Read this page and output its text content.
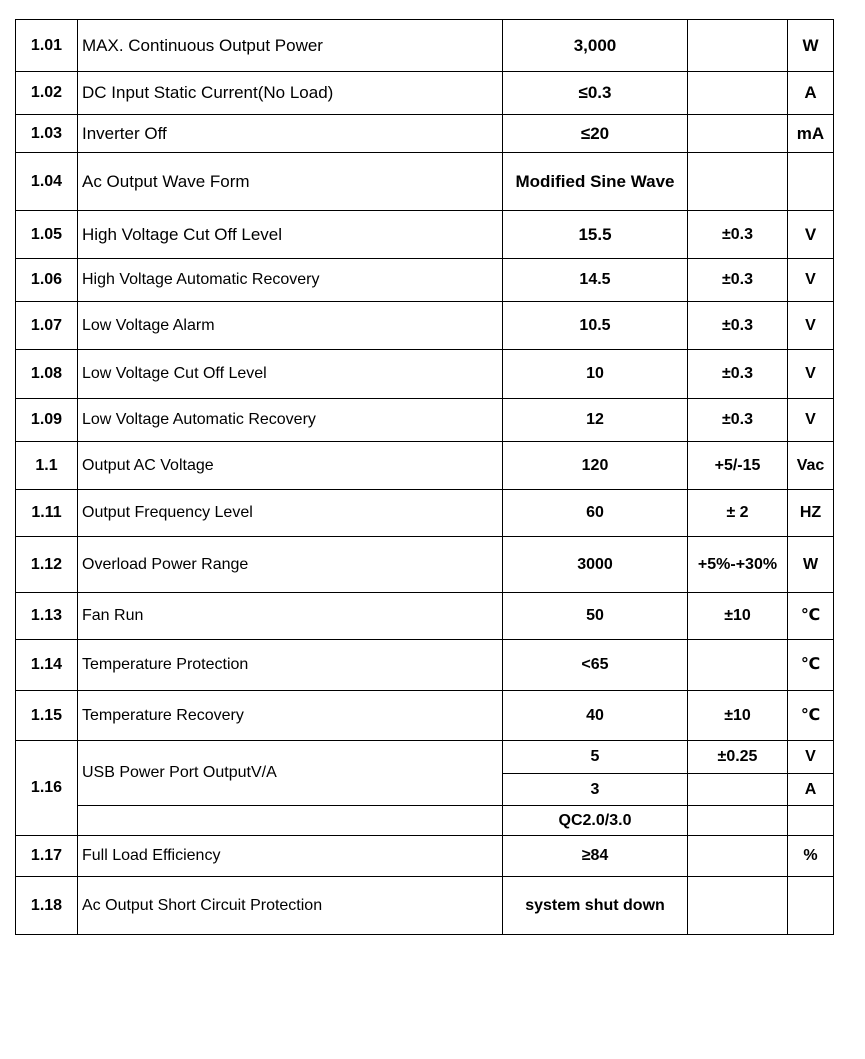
1.01	MAX. Continuous Output Power	3,000		W
1.02	DC Input Static Current(No Load)	≤0.3		A
1.03	Inverter Off	≤20		mA
1.04	Ac Output Wave Form	Modified Sine Wave		
1.05	High Voltage Cut Off Level	15.5	±0.3	V
1.06	High Voltage Automatic Recovery	14.5	±0.3	V
1.07	Low Voltage Alarm	10.5	±0.3	V
1.08	Low Voltage Cut Off Level	10	±0.3	V
1.09	Low Voltage Automatic Recovery	12	±0.3	V
1.1	Output AC Voltage	120	+5/-15	Vac
1.11	Output Frequency Level	60	± 2	HZ
1.12	Overload Power Range	3000	+5%-+30%	W
1.13	Fan Run	50	±10	℃
1.14	Temperature Protection	<65		℃
1.15	Temperature Recovery	40	±10	℃
1.16	USB Power Port OutputV/A	5	±0.25	V
		3		A
		QC2.0/3.0		
1.17	Full Load Efficiency	≥84		%
1.18	Ac Output Short Circuit Protection	system shut down		
